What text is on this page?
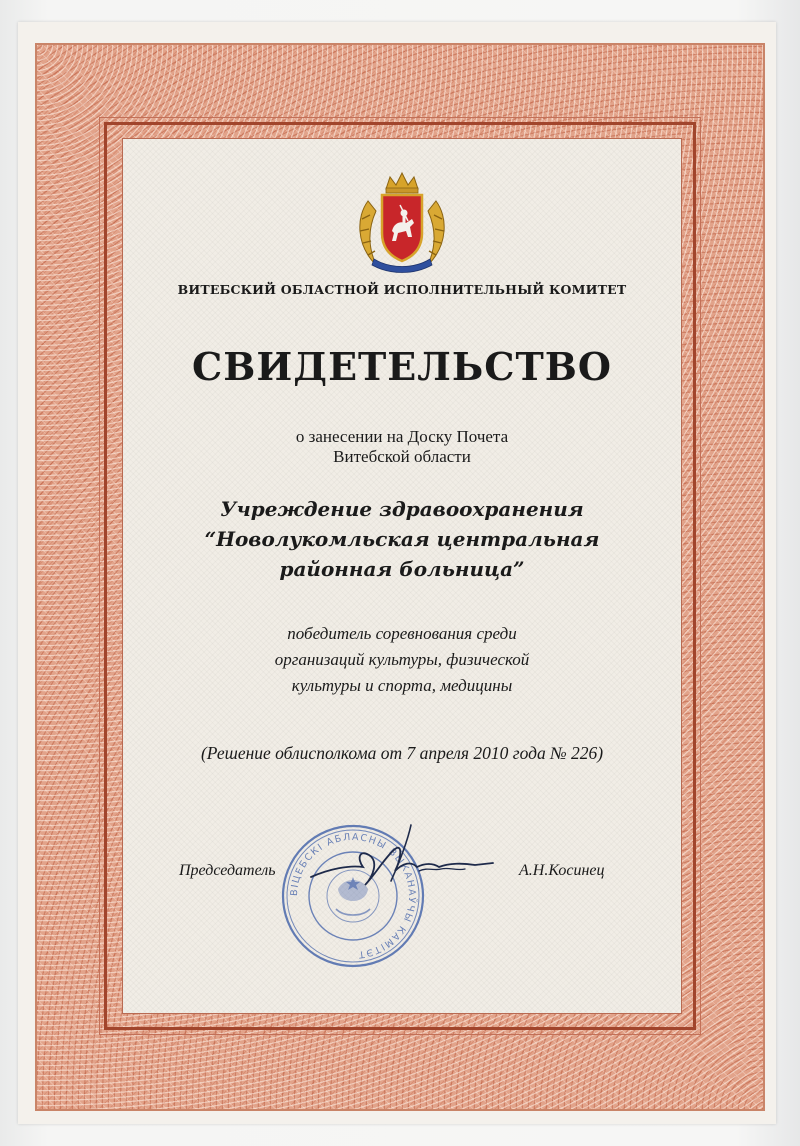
ВИТЕБСКИЙ ОБЛАСТНОЙ ИСПОЛНИТЕЛЬНЫЙ КОМИТЕТ
СВИДЕТЕЛЬСТВО
о занесении на Доску Почета
Витебской области
Учреждение здравоохранения
“Новолукомльская центральная
районная больница”
победитель соревнования среди
организаций культуры, физической
культуры и спорта, медицины
(Решение облисполкома от 7 апреля 2010 года № 226)
ВІЦЕБСКІ АБЛАСНЫ ВЫКАНАЎЧЫ КАМІТЭТ
Председатель	А.Н.Косинец
